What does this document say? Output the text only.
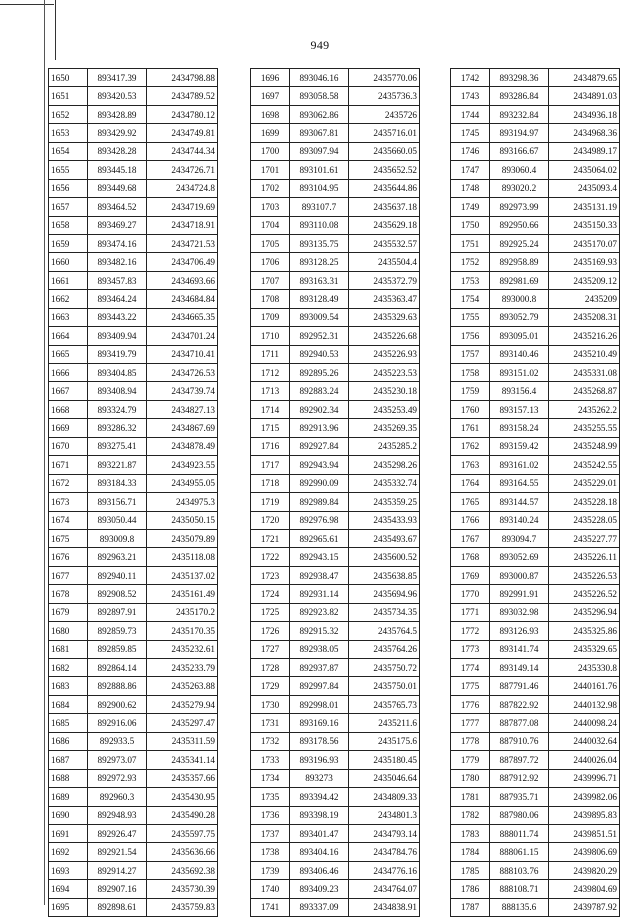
949
1650	893417.39	2434798.88
1651	893420.53	2434789.52
1652	893428.89	2434780.12
1653	893429.92	2434749.81
1654	893428.28	2434744.34
1655	893445.18	2434726.71
1656	893449.68	2434724.8
1657	893464.52	2434719.69
1658	893469.27	2434718.91
1659	893474.16	2434721.53
1660	893482.16	2434706.49
1661	893457.83	2434693.66
1662	893464.24	2434684.84
1663	893443.22	2434665.35
1664	893409.94	2434701.24
1665	893419.79	2434710.41
1666	893404.85	2434726.53
1667	893408.94	2434739.74
1668	893324.79	2434827.13
1669	893286.32	2434867.69
1670	893275.41	2434878.49
1671	893221.87	2434923.55
1672	893184.33	2434955.05
1673	893156.71	2434975.3
1674	893050.44	2435050.15
1675	893009.8	2435079.89
1676	892963.21	2435118.08
1677	892940.11	2435137.02
1678	892908.52	2435161.49
1679	892897.91	2435170.2
1680	892859.73	2435170.35
1681	892859.85	2435232.61
1682	892864.14	2435233.79
1683	892888.86	2435263.88
1684	892900.62	2435279.94
1685	892916.06	2435297.47
1686	892933.5	2435311.59
1687	892973.07	2435341.14
1688	892972.93	2435357.66
1689	892960.3	2435430.95
1690	892948.93	2435490.28
1691	892926.47	2435597.75
1692	892921.54	2435636.66
1693	892914.27	2435692.38
1694	892907.16	2435730.39
1695	892898.61	2435759.83
1696	893046.16	2435770.06
1697	893058.58	2435736.3
1698	893062.86	2435726
1699	893067.81	2435716.01
1700	893097.94	2435660.05
1701	893101.61	2435652.52
1702	893104.95	2435644.86
1703	893107.7	2435637.18
1704	893110.08	2435629.18
1705	893135.75	2435532.57
1706	893128.25	2435504.4
1707	893163.31	2435372.79
1708	893128.49	2435363.47
1709	893009.54	2435329.63
1710	892952.31	2435226.68
1711	892940.53	2435226.93
1712	892895.26	2435223.53
1713	892883.24	2435230.18
1714	892902.34	2435253.49
1715	892913.96	2435269.35
1716	892927.84	2435285.2
1717	892943.94	2435298.26
1718	892990.09	2435332.74
1719	892989.84	2435359.25
1720	892976.98	2435433.93
1721	892965.61	2435493.67
1722	892943.15	2435600.52
1723	892938.47	2435638.85
1724	892931.14	2435694.96
1725	892923.82	2435734.35
1726	892915.32	2435764.5
1727	892938.05	2435764.26
1728	892937.87	2435750.72
1729	892997.84	2435750.01
1730	892998.01	2435765.73
1731	893169.16	2435211.6
1732	893178.56	2435175.6
1733	893196.93	2435180.45
1734	893273	2435046.64
1735	893394.42	2434809.33
1736	893398.19	2434801.3
1737	893401.47	2434793.14
1738	893404.16	2434784.76
1739	893406.46	2434776.16
1740	893409.23	2434764.07
1741	893337.09	2434838.91
1742	893298.36	2434879.65
1743	893286.84	2434891.03
1744	893232.84	2434936.18
1745	893194.97	2434968.36
1746	893166.67	2434989.17
1747	893060.4	2435064.02
1748	893020.2	2435093.4
1749	892973.99	2435131.19
1750	892950.66	2435150.33
1751	892925.24	2435170.07
1752	892958.89	2435169.93
1753	892981.69	2435209.12
1754	893000.8	2435209
1755	893052.79	2435208.31
1756	893095.01	2435216.26
1757	893140.46	2435210.49
1758	893151.02	2435331.08
1759	893156.4	2435268.87
1760	893157.13	2435262.2
1761	893158.24	2435255.55
1762	893159.42	2435248.99
1763	893161.02	2435242.55
1764	893164.55	2435229.01
1765	893144.57	2435228.18
1766	893140.24	2435228.05
1767	893094.7	2435227.77
1768	893052.69	2435226.11
1769	893000.87	2435226.53
1770	892991.91	2435226.52
1771	893032.98	2435296.94
1772	893126.93	2435325.86
1773	893141.74	2435329.65
1774	893149.14	2435330.8
1775	887791.46	2440161.76
1776	887822.92	2440132.98
1777	887877.08	2440098.24
1778	887910.76	2440032.64
1779	887897.72	2440026.04
1780	887912.92	2439996.71
1781	887935.71	2439982.06
1782	887980.06	2439895.83
1783	888011.74	2439851.51
1784	888061.15	2439806.69
1785	888103.76	2439820.29
1786	888108.71	2439804.69
1787	888135.6	2439787.92
